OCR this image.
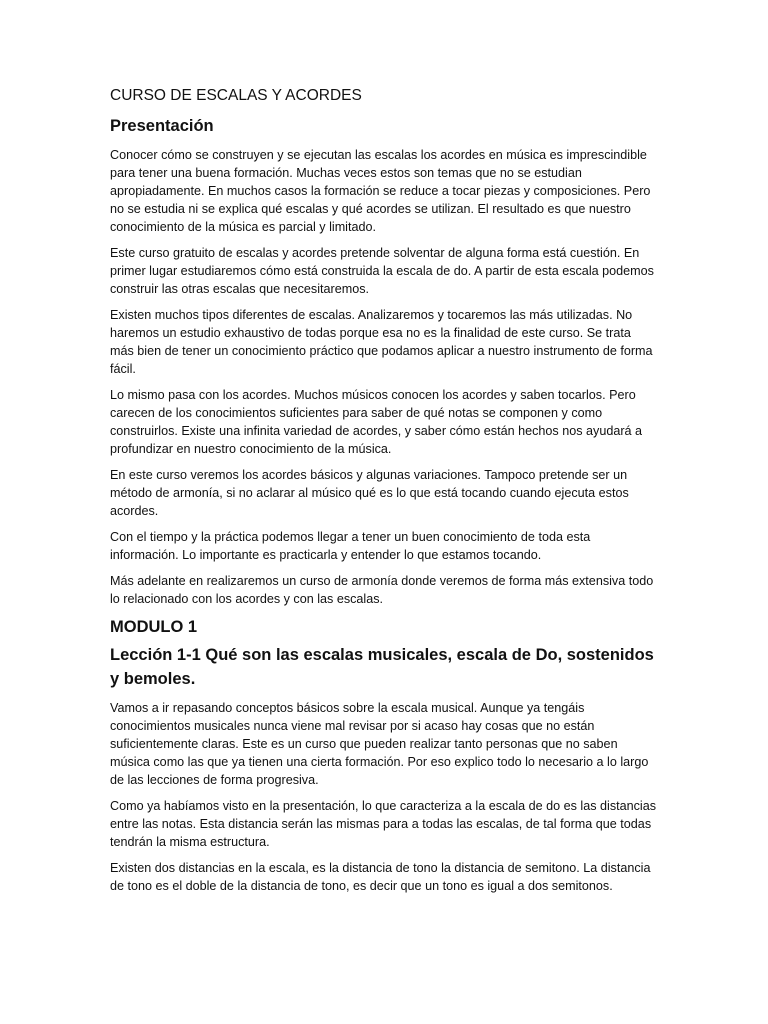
CURSO DE ESCALAS Y ACORDES
Presentación

Conocer cómo se construyen y se ejecutan las escalas los acordes en música es imprescindible para tener una buena formación. Muchas veces estos son temas que no se estudian apropiadamente. En muchos casos la formación se reduce a tocar piezas y composiciones. Pero no se estudia ni se explica qué escalas y qué acordes se utilizan. El resultado es que nuestro conocimiento de la música es parcial y limitado.

Este curso gratuito de escalas y acordes pretende solventar de alguna forma está cuestión. En primer lugar estudiaremos cómo está construida la escala de do. A partir de esta escala podemos construir las otras escalas que necesitaremos.

Existen muchos tipos diferentes de escalas. Analizaremos y tocaremos las más utilizadas. No haremos un estudio exhaustivo de todas porque esa no es la finalidad de este curso. Se trata más bien de tener un conocimiento práctico que podamos aplicar a nuestro instrumento de forma fácil.

Lo mismo pasa con los acordes. Muchos músicos conocen los acordes y saben tocarlos. Pero carecen de los conocimientos suficientes para saber de qué notas se componen y como construirlos. Existe una infinita variedad de acordes, y saber cómo están hechos nos ayudará a profundizar en nuestro conocimiento de la música.

En este curso veremos los acordes básicos y algunas variaciones. Tampoco pretende ser un método de armonía, si no aclarar al músico qué es lo que está tocando cuando ejecuta estos acordes.

Con el tiempo y la práctica podemos llegar a tener un buen conocimiento de toda esta información. Lo importante es practicarla y entender lo que estamos tocando.

Más adelante en realizaremos un curso de armonía donde veremos de forma más extensiva todo lo relacionado con los acordes y con las escalas.

MODULO 1
Lección 1-1 Qué son las escalas musicales, escala de Do, sostenidos y bemoles.

Vamos a ir repasando conceptos básicos sobre la escala musical. Aunque ya tengáis conocimientos musicales nunca viene mal revisar por si acaso hay cosas que no están suficientemente claras. Este es un curso que pueden realizar tanto personas que no saben música como las que ya tienen una cierta formación. Por eso explico todo lo necesario a lo largo de las lecciones de forma progresiva.

Como ya habíamos visto en la presentación, lo que caracteriza a la escala de do es las distancias entre las notas. Esta distancia serán las mismas para a todas las escalas, de tal forma que todas tendrán la misma estructura.

Existen dos distancias en la escala, es la distancia de tono la distancia de semitono. La distancia de tono es el doble de la distancia de tono, es decir que un tono es igual a dos semitonos.
